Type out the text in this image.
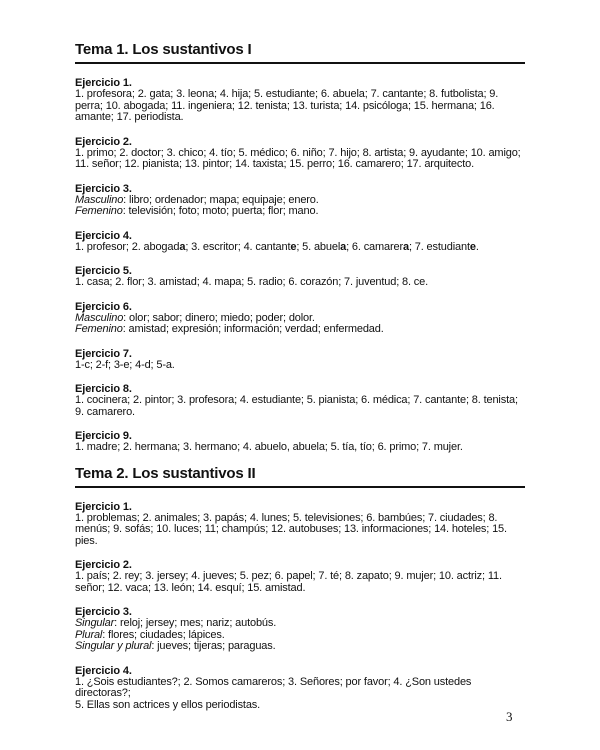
Tema 1. Los sustantivos I
Ejercicio 1.
1. profesora; 2. gata; 3. leona; 4. hija; 5. estudiante; 6. abuela; 7. cantante; 8. futbolista; 9. perra; 10. abogada; 11. ingeniera; 12. tenista; 13. turista; 14. psicóloga; 15. hermana; 16. amante; 17. periodista.
Ejercicio 2.
1. primo; 2. doctor; 3. chico; 4. tío; 5. médico; 6. niño; 7. hijo; 8. artista; 9. ayudante; 10. amigo; 11. señor; 12. pianista; 13. pintor; 14. taxista; 15. perro; 16. camarero; 17. arquitecto.
Ejercicio 3.
Masculino: libro; ordenador; mapa; equipaje; enero.
Femenino: televisión; foto; moto; puerta; flor; mano.
Ejercicio 4.
1. profesor; 2. abogada; 3. escritor; 4. cantante; 5. abuela; 6. camarera; 7. estudiante.
Ejercicio 5.
1. casa; 2. flor; 3. amistad; 4. mapa; 5. radio; 6. corazón; 7. juventud; 8. ce.
Ejercicio 6.
Masculino: olor; sabor; dinero; miedo; poder; dolor.
Femenino: amistad; expresión; información; verdad; enfermedad.
Ejercicio 7.
1-c; 2-f; 3-e; 4-d; 5-a.
Ejercicio 8.
1. cocinera; 2. pintor; 3. profesora; 4. estudiante; 5. pianista; 6. médica; 7. cantante; 8. tenista; 9. camarero.
Ejercicio 9.
1. madre; 2. hermana; 3. hermano; 4. abuelo, abuela; 5. tía, tío; 6. primo; 7. mujer.
Tema 2. Los sustantivos II
Ejercicio 1.
1. problemas; 2. animales; 3. papás; 4. lunes; 5. televisiones; 6. bambúes; 7. ciudades; 8. menús; 9. sofás; 10. luces; 11; champús; 12. autobuses; 13. informaciones; 14. hoteles; 15. pies.
Ejercicio 2.
1. país; 2. rey; 3. jersey; 4. jueves; 5. pez; 6. papel; 7. té; 8. zapato; 9. mujer; 10. actriz; 11. señor; 12. vaca; 13. león; 14. esquí; 15. amistad.
Ejercicio 3.
Singular: reloj; jersey; mes; nariz; autobús.
Plural: flores; ciudades; lápices.
Singular y plural: jueves; tijeras; paraguas.
Ejercicio 4.
1. ¿Sois estudiantes?; 2. Somos camareros; 3. Señores; por favor; 4. ¿Son ustedes directoras?;
5. Ellas son actrices y ellos periodistas.
3
